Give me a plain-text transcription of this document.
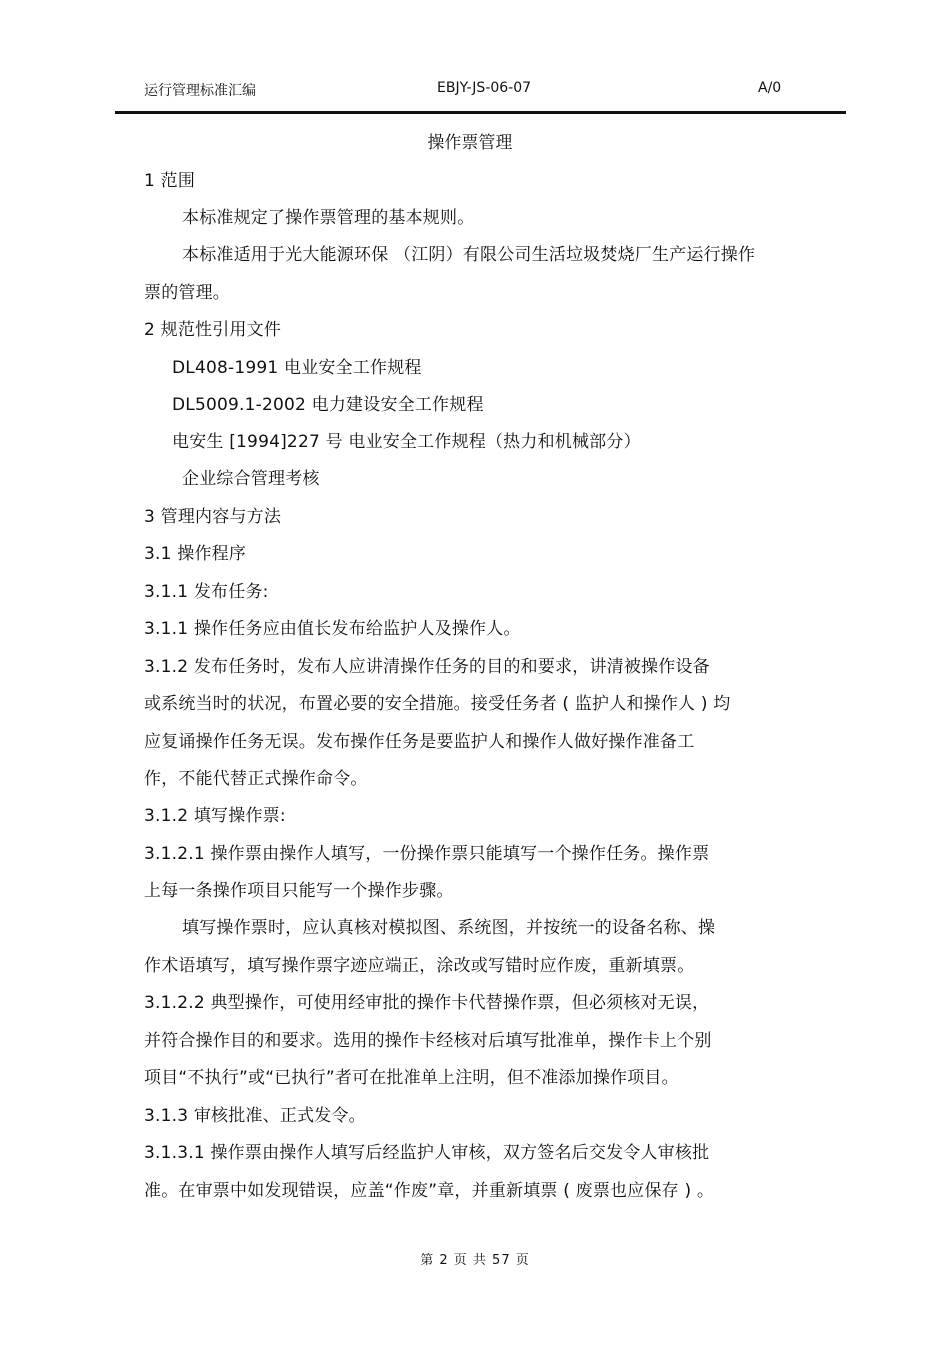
运行管理标准汇编	EBJY-JS-06-07	A/0
操作票管理
1 范围
本标准规定了操作票管理的基本规则。
本标准适用于光大能源环保 （江阴）有限公司生活垃圾焚烧厂生产运行操作
票的管理。
2 规范性引用文件
DL408-1991 电业安全工作规程
DL5009.1-2002 电力建设安全工作规程
电安生 [1994]227 号 电业安全工作规程（热力和机械部分）
企业综合管理考核
3 管理内容与方法
3.1 操作程序
3.1.1 发布任务:
3.1.1 操作任务应由值长发布给监护人及操作人。
3.1.2 发布任务时，发布人应讲清操作任务的目的和要求，讲清被操作设备
或系统当时的状况，布置必要的安全措施。接受任务者 ( 监护人和操作人 ) 均
应复诵操作任务无误。发布操作任务是要监护人和操作人做好操作准备工
作，不能代替正式操作命令。
3.1.2 填写操作票:
3.1.2.1 操作票由操作人填写，一份操作票只能填写一个操作任务。操作票
上每一条操作项目只能写一个操作步骤。
填写操作票时，应认真核对模拟图、系统图，并按统一的设备名称、操
作术语填写，填写操作票字迹应端正，涂改或写错时应作废，重新填票。
3.1.2.2 典型操作，可使用经审批的操作卡代替操作票，但必须核对无误，
并符合操作目的和要求。选用的操作卡经核对后填写批准单，操作卡上个别
项目“不执行”或“已执行”者可在批准单上注明，但不准添加操作项目。
3.1.3 审核批准、正式发令。
3.1.3.1 操作票由操作人填写后经监护人审核，双方签名后交发令人审核批
准。在审票中如发现错误，应盖“作废”章，并重新填票 ( 废票也应保存 ) 。
第 2 页 共 57 页
